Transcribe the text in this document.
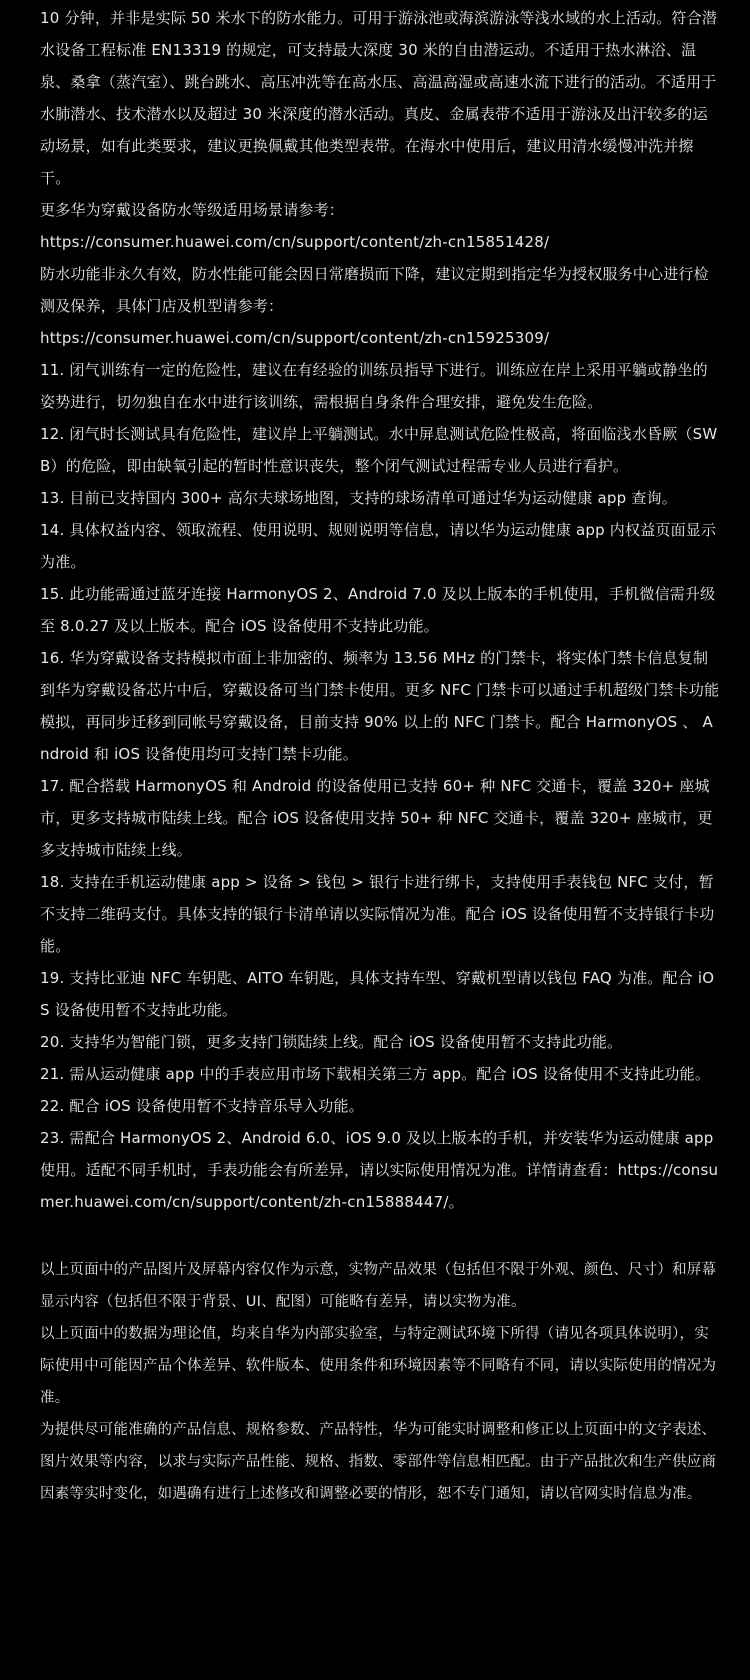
10 分钟，并非是实际 50 米水下的防水能力。可用于游泳池或海滨游泳等浅水域的水上活动。符合潜水设备工程标准 EN13319 的规定，可支持最大深度 30 米的自由潜运动。不适用于热水淋浴、温泉、桑拿（蒸汽室）、跳台跳水、高压冲洗等在高水压、高温高湿或高速水流下进行的活动。不适用于水肺潜水、技术潜水以及超过 30 米深度的潜水活动。真皮、金属表带不适用于游泳及出汗较多的运动场景，如有此类要求，建议更换佩戴其他类型表带。在海水中使用后，建议用清水缓慢冲洗并擦干。

更多华为穿戴设备防水等级适用场景请参考：

https://consumer.huawei.com/cn/support/content/zh-cn15851428/

防水功能非永久有效，防水性能可能会因日常磨损而下降，建议定期到指定华为授权服务中心进行检测及保养，具体门店及机型请参考：

https://consumer.huawei.com/cn/support/content/zh-cn15925309/

11. 闭气训练有一定的危险性，建议在有经验的训练员指导下进行。训练应在岸上采用平躺或静坐的姿势进行，切勿独自在水中进行该训练，需根据自身条件合理安排，避免发生危险。

12. 闭气时长测试具有危险性，建议岸上平躺测试。水中屏息测试危险性极高，将面临浅水昏厥（SWB）的危险，即由缺氧引起的暂时性意识丧失，整个闭气测试过程需专业人员进行看护。

13. 目前已支持国内 300+ 高尔夫球场地图，支持的球场清单可通过华为运动健康 app 查询。

14. 具体权益内容、领取流程、使用说明、规则说明等信息，请以华为运动健康 app 内权益页面显示为准。

15. 此功能需通过蓝牙连接 HarmonyOS 2、Android 7.0 及以上版本的手机使用，手机微信需升级至 8.0.27 及以上版本。配合 iOS 设备使用不支持此功能。

16. 华为穿戴设备支持模拟市面上非加密的、频率为 13.56 MHz 的门禁卡，将实体门禁卡信息复制到华为穿戴设备芯片中后，穿戴设备可当门禁卡使用。更多 NFC 门禁卡可以通过手机超级门禁卡功能模拟，再同步迁移到同帐号穿戴设备，目前支持 90% 以上的 NFC 门禁卡。配合 HarmonyOS 、 Android 和 iOS 设备使用均可支持门禁卡功能。

17. 配合搭载 HarmonyOS 和 Android 的设备使用已支持 60+ 种 NFC 交通卡，覆盖 320+ 座城市，更多支持城市陆续上线。配合 iOS 设备使用支持 50+ 种 NFC 交通卡，覆盖 320+ 座城市，更多支持城市陆续上线。

18. 支持在手机运动健康 app > 设备 > 钱包 > 银行卡进行绑卡，支持使用手表钱包 NFC 支付，暂不支持二维码支付。具体支持的银行卡清单请以实际情况为准。配合 iOS 设备使用暂不支持银行卡功能。

19. 支持比亚迪 NFC 车钥匙、AITO 车钥匙，具体支持车型、穿戴机型请以钱包 FAQ 为准。配合 iOS 设备使用暂不支持此功能。

20. 支持华为智能门锁，更多支持门锁陆续上线。配合 iOS 设备使用暂不支持此功能。

21. 需从运动健康 app 中的手表应用市场下载相关第三方 app。配合 iOS 设备使用不支持此功能。

22. 配合 iOS 设备使用暂不支持音乐导入功能。

23. 需配合 HarmonyOS 2、Android 6.0、iOS 9.0 及以上版本的手机，并安装华为运动健康 app 使用。适配不同手机时，手表功能会有所差异，请以实际使用情况为准。详情请查看：https://consumer.huawei.com/cn/support/content/zh-cn15888447/。

以上页面中的产品图片及屏幕内容仅作为示意，实物产品效果（包括但不限于外观、颜色、尺寸）和屏幕显示内容（包括但不限于背景、UI、配图）可能略有差异，请以实物为准。

以上页面中的数据为理论值，均来自华为内部实验室，与特定测试环境下所得（请见各项具体说明），实际使用中可能因产品个体差异、软件版本、使用条件和环境因素等不同略有不同，请以实际使用的情况为准。

为提供尽可能准确的产品信息、规格参数、产品特性，华为可能实时调整和修正以上页面中的文字表述、图片效果等内容，以求与实际产品性能、规格、指数、零部件等信息相匹配。由于产品批次和生产供应商因素等实时变化，如遇确有进行上述修改和调整必要的情形，恕不专门通知，请以官网实时信息为准。
